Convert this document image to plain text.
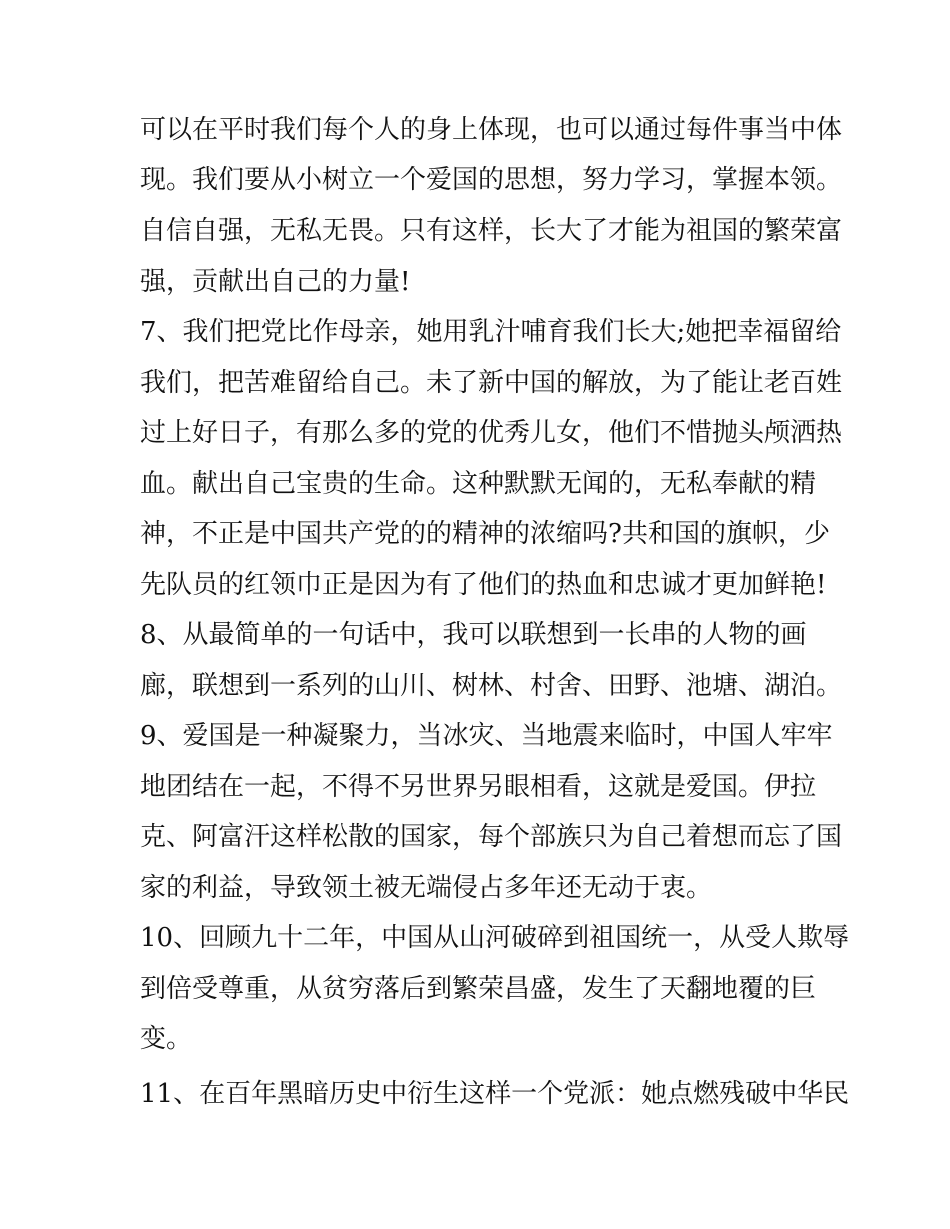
可以在平时我们每个人的身上体现，也可以通过每件事当中体
现。我们要从小树立一个爱国的思想，努力学习，掌握本领。
自信自强，无私无畏。只有这样，长大了才能为祖国的繁荣富
强，贡献出自己的力量!
7、我们把党比作母亲，她用乳汁哺育我们长大;她把幸福留给
我们，把苦难留给自己。未了新中国的解放，为了能让老百姓
过上好日子，有那么多的党的优秀儿女，他们不惜抛头颅洒热
血。献出自己宝贵的生命。这种默默无闻的，无私奉献的精
神，不正是中国共产党的的精神的浓缩吗?共和国的旗帜，少
先队员的红领巾正是因为有了他们的热血和忠诚才更加鲜艳!
8、从最简单的一句话中，我可以联想到一长串的人物的画
廊，联想到一系列的山川、树林、村舍、田野、池塘、湖泊。
9、爱国是一种凝聚力，当冰灾、当地震来临时，中国人牢牢
地团结在一起，不得不另世界另眼相看，这就是爱国。伊拉
克、阿富汗这样松散的国家，每个部族只为自己着想而忘了国
家的利益，导致领土被无端侵占多年还无动于衷。
10、回顾九十二年，中国从山河破碎到祖国统一，从受人欺辱
到倍受尊重，从贫穷落后到繁荣昌盛，发生了天翻地覆的巨
变。
11、在百年黑暗历史中衍生这样一个党派：她点燃残破中华民
